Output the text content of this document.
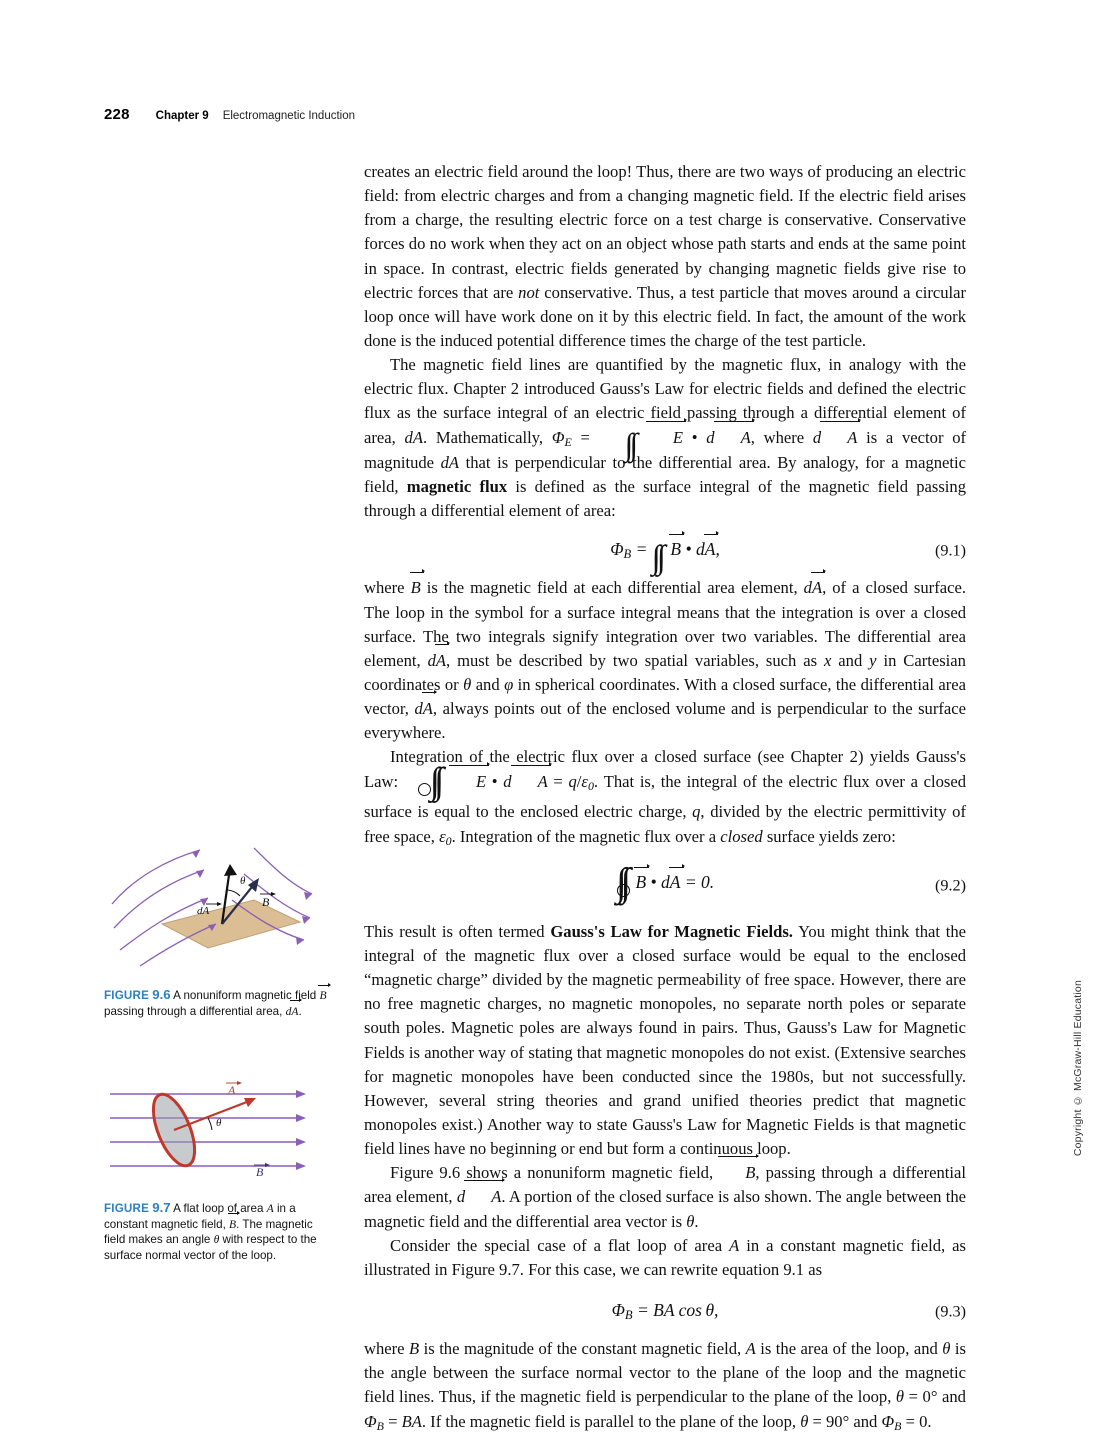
228 Chapter 9 Electromagnetic Induction

creates an electric field around the loop! Thus, there are two ways of producing an electric field: from electric charges and from a changing magnetic field. If the electric field arises from a charge, the resulting electric force on a test charge is conservative. Conservative forces do no work when they act on an object whose path starts and ends at the same point in space. In contrast, electric fields generated by changing magnetic fields give rise to electric forces that are not conservative. Thus, a test particle that moves around a circular loop once will have work done on it by this electric field. In fact, the amount of the work done is the induced potential difference times the charge of the test particle.

The magnetic field lines are quantified by the magnetic flux, in analogy with the electric flux. Chapter 2 introduced Gauss's Law for electric fields and defined the electric flux as the surface integral of an electric field passing through a differential element of area, dA. Mathematically, $\Phi_E$ = ∫∫ E • d A, where d A is a vector of magnitude dA that is perpendicular to the differential area. By analogy, for a magnetic field, magnetic flux is defined as the surface integral of the magnetic field passing through a differential element of area:

$\Phi_B$ = ∫∫ B • dA,	(9.1)

where B is the magnetic field at each differential area element, dA, of a closed surface. The loop in the symbol for a surface integral means that the integration is over a closed surface. The two integrals signify integration over two variables. The differential area element, dA, must be described by two spatial variables, such as x and y in Cartesian coordinates or θ and φ in spherical coordinates. With a closed surface, the differential area vector, dA, always points out of the enclosed volume and is perpendicular to the surface everywhere.

Integration of the electric flux over a closed surface (see Chapter 2) yields Gauss's Law: ∫∫ E • d $A = q/\varepsilon_0$. That is, the integral of the electric flux over a closed surface is equal to the enclosed electric charge, q, divided by the electric permittivity of free space, $\varepsilon_0$. Integration of the magnetic flux over a closed surface yields zero:

∫∫ B • dA = 0.	(9.2)

This result is often termed Gauss's Law for Magnetic Fields. You might think that the integral of the magnetic flux over a closed surface would be equal to the enclosed “magnetic charge” divided by the magnetic permeability of free space. However, there are no free magnetic charges, no magnetic monopoles, no separate north poles or separate south poles. Magnetic poles are always found in pairs. Thus, Gauss's Law for Magnetic Fields is another way of stating that magnetic monopoles do not exist. (Extensive searches for magnetic monopoles have been conducted since the 1980s, but not successfully. However, several string theories and grand unified theories predict that magnetic monopoles exist.) Another way to state Gauss's Law for Magnetic Fields is that magnetic field lines have no beginning or end but form a continuous loop.

Figure 9.6 shows a nonuniform magnetic field, B, passing through a differential area element, d A. A portion of the closed surface is also shown. The angle between the magnetic field and the differential area vector is θ.

Consider the special case of a flat loop of area A in a constant magnetic field, as illustrated in Figure 9.7. For this case, we can rewrite equation 9.1 as

$\Phi_B$ = BA cos θ,	(9.3)

where B is the magnitude of the constant magnetic field, A is the area of the loop, and θ is the angle between the surface normal vector to the plane of the loop and the magnetic field lines. Thus, if the magnetic field is perpendicular to the plane of the loop, θ = 0° and $\Phi_B$ = BA. If the magnetic field is parallel to the plane of the loop, θ = 90° and $\Phi_B = 0$.

dA
θ
B
FIGURE 9.6 A nonuniform magnetic field B passing through a differential area, dA.
A
θ
B
FIGURE 9.7 A flat loop of area A in a constant magnetic field, B. The magnetic field makes an angle θ with respect to the surface normal vector of the loop.
Copyright © McGraw-Hill Education
